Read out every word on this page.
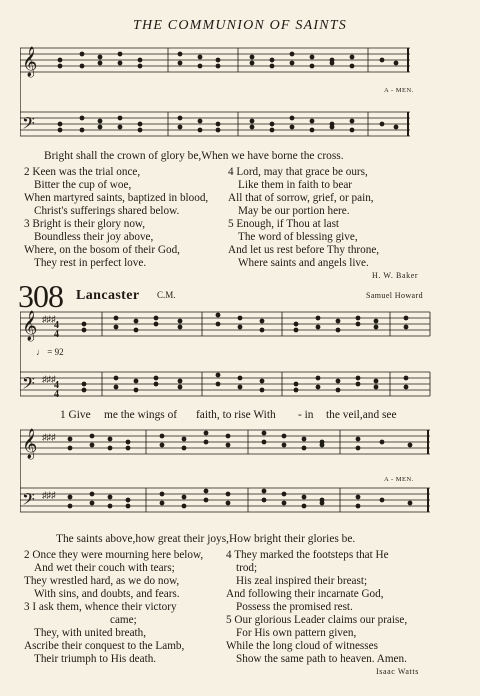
THE COMMUNION OF SAINTS
𝄞
𝄢
A - MEN.
Bright shall the crown of glory be,When we have borne the cross.
2 Keen was the trial once,
Bitter the cup of woe,
When martyred saints, baptized in blood,
Christ's sufferings shared below.
3 Bright is their glory now,
Boundless their joy above,
Where, on the bosom of their God,
They rest in perfect love.
4 Lord, may that grace be ours,
Like them in faith to bear
All that of sorrow, grief, or pain,
May be our portion here.
5 Enough, if Thou at last
The word of blessing give,
And let us rest before Thy throne,
Where saints and angels live.
H. W. Baker
308 Lancaster C.M.	Samuel Howard
𝄞 ♯♯♯
4
4
𝄢 ♯♯♯
4
4
♩ = 92
1 Give me the wings of faith, to rise With - in the veil,and see
𝄞 ♯♯♯
𝄢 ♯♯♯
A - MEN.
The saints above,how great their joys,How bright their glories be.
2 Once they were mourning here below,
And wet their couch with tears;
They wrestled hard, as we do now,
With sins, and doubts, and fears.
3 I ask them, whence their victory
came;
They, with united breath,
Ascribe their conquest to the Lamb,
Their triumph to His death.
4 They marked the footsteps that He
trod;
His zeal inspired their breast;
And following their incarnate God,
Possess the promised rest.
5 Our glorious Leader claims our praise,
For His own pattern given,
While the long cloud of witnesses
Show the same path to heaven. Amen.
Isaac Watts
